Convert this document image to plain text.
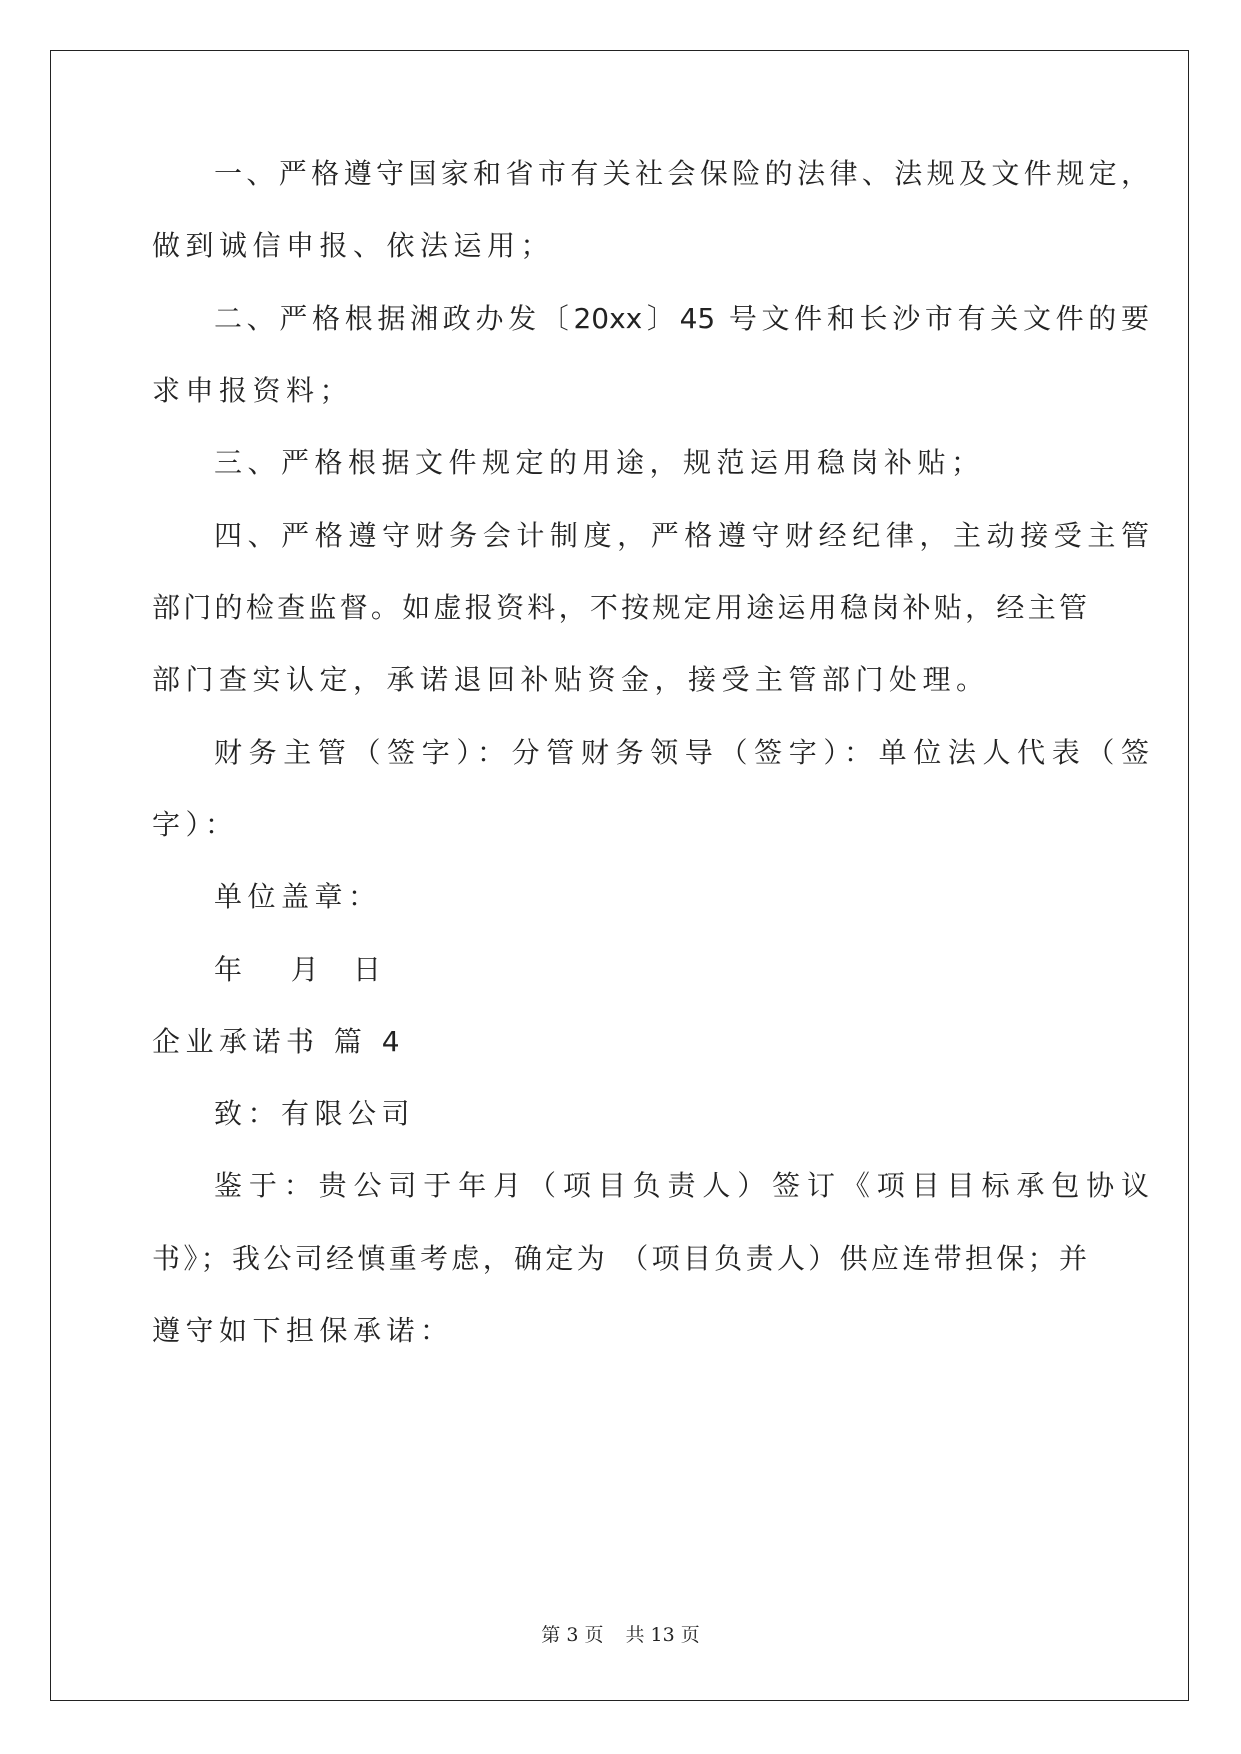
一、严格遵守国家和省市有关社会保险的法律、法规及文件规定，
做到诚信申报、依法运用；
二、严格根据湘政办发〔20xx〕45 号文件和长沙市有关文件的要
求申报资料；
三、严格根据文件规定的用途，规范运用稳岗补贴；
四、严格遵守财务会计制度，严格遵守财经纪律，主动接受主管
部门的检查监督。如虚报资料，不按规定用途运用稳岗补贴，经主管
部门查实认定，承诺退回补贴资金，接受主管部门处理。
财务主管（签字）：分管财务领导（签字）：单位法人代表（签
字）：
单位盖章：
年   月  日
企业承诺书 篇 4
致：有限公司
鉴于：贵公司于年月（项目负责人）签订《项目目标承包协议
书》；我公司经慎重考虑，确定为 （项目负责人）供应连带担保；并
遵守如下担保承诺：
第 3 页 共 13 页
